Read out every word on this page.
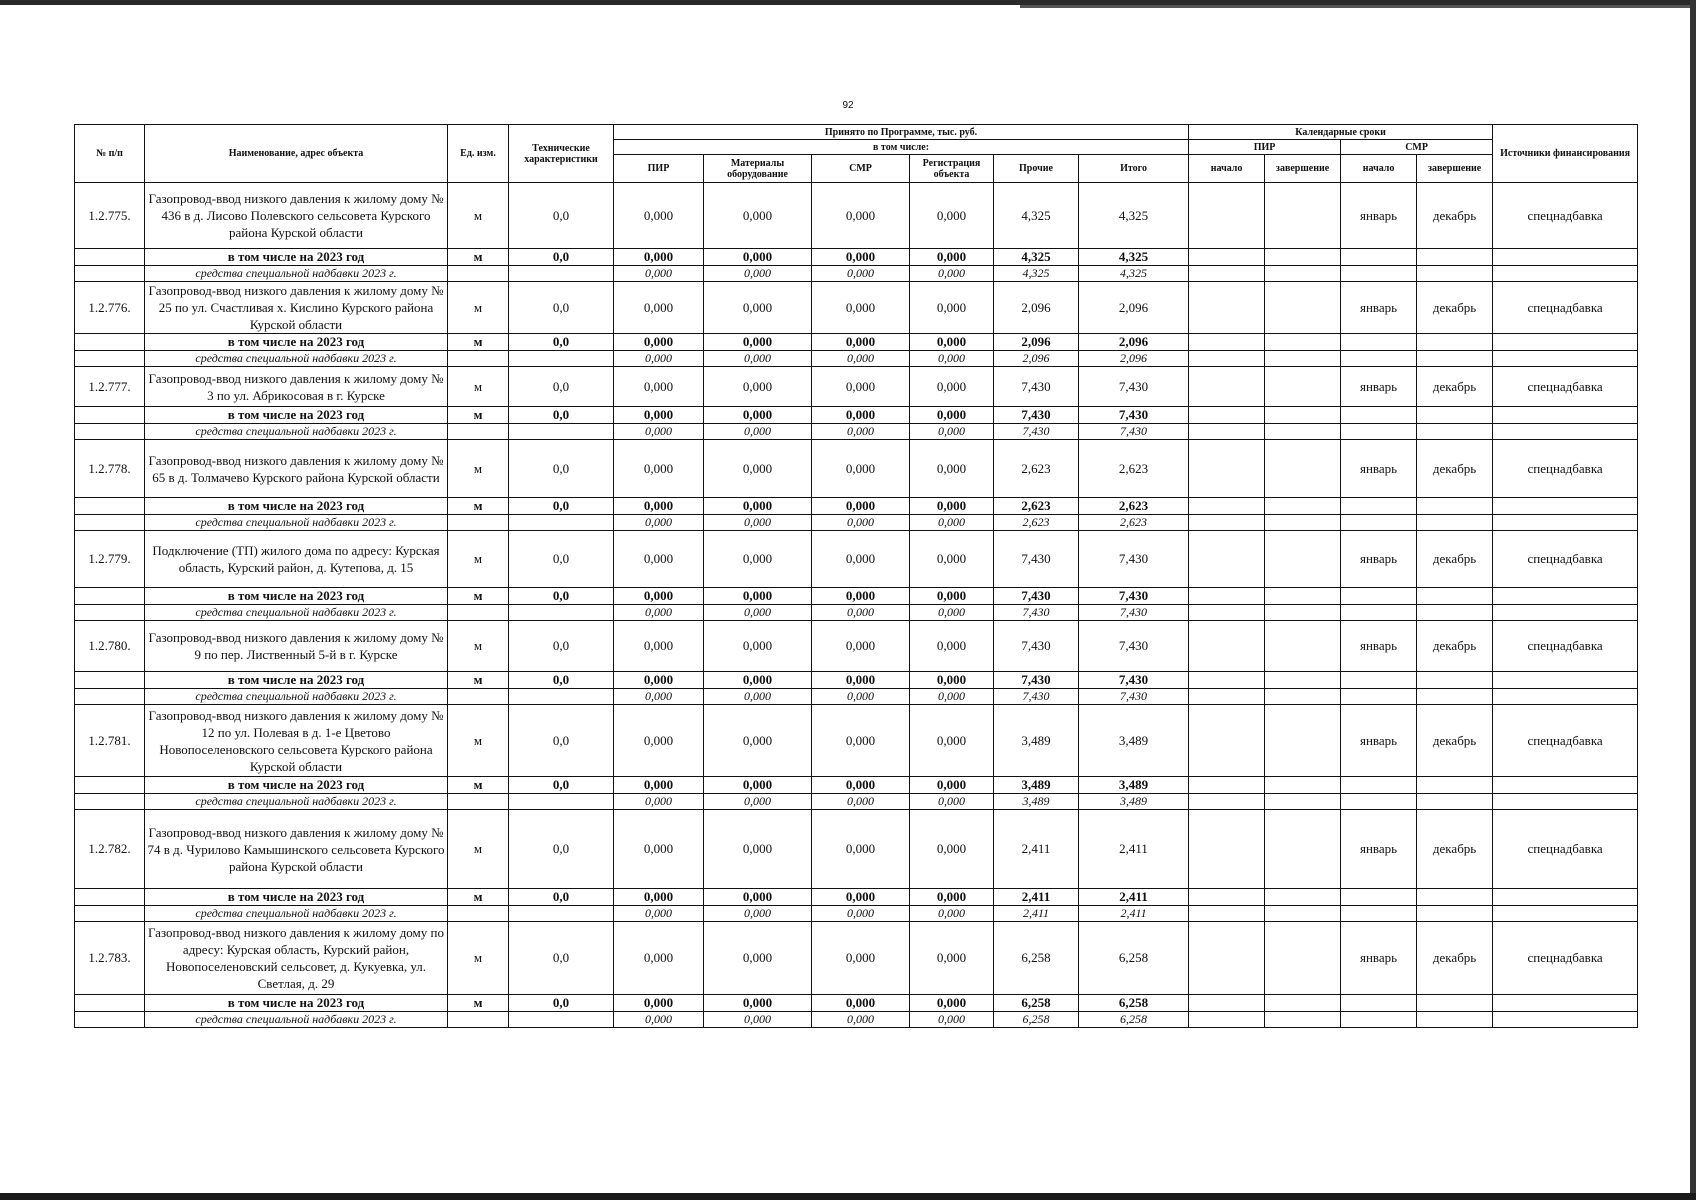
92
№ п/п	Наименование, адрес объекта	Ед. изм.	Технические характеристики	Принято по Программе, тыс. руб.						Календарные сроки				Источники финансирования
				в том числе:						ПИР		СМР		
				ПИР	Материалы оборудование	СМР	Регистрация объекта	Прочие	Итого	начало	завершение	начало	завершение	
1.2.775.	Газопровод-ввод низкого давления к жилому дому № 436 в д. Лисово Полевского сельсовета Курского района Курской области	м	0,0	0,000	0,000	0,000	0,000	4,325	4,325			январь	декабрь	спецнадбавка
	в том числе на 2023 год	м	0,0	0,000	0,000	0,000	0,000	4,325	4,325					
	средства специальной надбавки 2023 г.			0,000	0,000	0,000	0,000	4,325	4,325					
1.2.776.	Газопровод-ввод низкого давления к жилому дому № 25 по ул. Счастливая х. Кислино Курского района Курской области	м	0,0	0,000	0,000	0,000	0,000	2,096	2,096			январь	декабрь	спецнадбавка
	в том числе на 2023 год	м	0,0	0,000	0,000	0,000	0,000	2,096	2,096					
	средства специальной надбавки 2023 г.			0,000	0,000	0,000	0,000	2,096	2,096					
1.2.777.	Газопровод-ввод низкого давления к жилому дому № 3 по ул. Абрикосовая в г. Курске	м	0,0	0,000	0,000	0,000	0,000	7,430	7,430			январь	декабрь	спецнадбавка
	в том числе на 2023 год	м	0,0	0,000	0,000	0,000	0,000	7,430	7,430					
	средства специальной надбавки 2023 г.			0,000	0,000	0,000	0,000	7,430	7,430					
1.2.778.	Газопровод-ввод низкого давления к жилому дому № 65 в д. Толмачево Курского района Курской области	м	0,0	0,000	0,000	0,000	0,000	2,623	2,623			январь	декабрь	спецнадбавка
	в том числе на 2023 год	м	0,0	0,000	0,000	0,000	0,000	2,623	2,623					
	средства специальной надбавки 2023 г.			0,000	0,000	0,000	0,000	2,623	2,623					
1.2.779.	Подключение (ТП) жилого дома по адресу: Курская область, Курский район, д. Кутепова, д. 15	м	0,0	0,000	0,000	0,000	0,000	7,430	7,430			январь	декабрь	спецнадбавка
	в том числе на 2023 год	м	0,0	0,000	0,000	0,000	0,000	7,430	7,430					
	средства специальной надбавки 2023 г.			0,000	0,000	0,000	0,000	7,430	7,430					
1.2.780.	Газопровод-ввод низкого давления к жилому дому № 9 по пер. Лиственный 5-й в г. Курске	м	0,0	0,000	0,000	0,000	0,000	7,430	7,430			январь	декабрь	спецнадбавка
	в том числе на 2023 год	м	0,0	0,000	0,000	0,000	0,000	7,430	7,430					
	средства специальной надбавки 2023 г.			0,000	0,000	0,000	0,000	7,430	7,430					
1.2.781.	Газопровод-ввод низкого давления к жилому дому № 12 по ул. Полевая в д. 1-е Цветово Новопоселеновского сельсовета Курского района Курской области	м	0,0	0,000	0,000	0,000	0,000	3,489	3,489			январь	декабрь	спецнадбавка
	в том числе на 2023 год	м	0,0	0,000	0,000	0,000	0,000	3,489	3,489					
	средства специальной надбавки 2023 г.			0,000	0,000	0,000	0,000	3,489	3,489					
1.2.782.	Газопровод-ввод низкого давления к жилому дому № 74 в д. Чурилово Камышинского сельсовета Курского района Курской области	м	0,0	0,000	0,000	0,000	0,000	2,411	2,411			январь	декабрь	спецнадбавка
	в том числе на 2023 год	м	0,0	0,000	0,000	0,000	0,000	2,411	2,411					
	средства специальной надбавки 2023 г.			0,000	0,000	0,000	0,000	2,411	2,411					
1.2.783.	Газопровод-ввод низкого давления к жилому дому по адресу: Курская область, Курский район, Новопоселеновский сельсовет, д. Кукуевка, ул. Светлая, д. 29	м	0,0	0,000	0,000	0,000	0,000	6,258	6,258			январь	декабрь	спецнадбавка
	в том числе на 2023 год	м	0,0	0,000	0,000	0,000	0,000	6,258	6,258					
	средства специальной надбавки 2023 г.			0,000	0,000	0,000	0,000	6,258	6,258					
